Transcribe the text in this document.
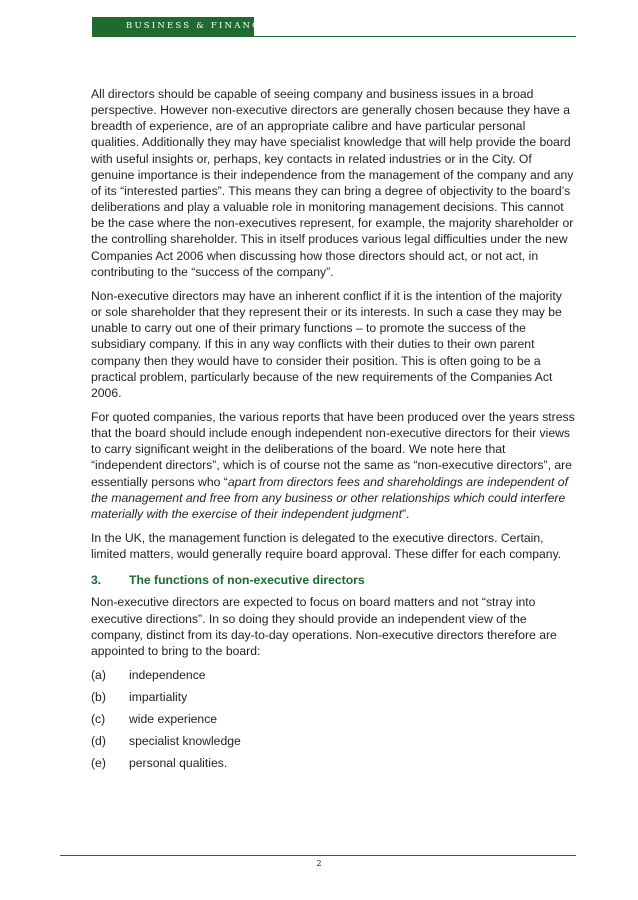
BUSINESS & FINANCE

All directors should be capable of seeing company and business issues in a broad perspective. However non-executive directors are generally chosen because they have a breadth of experience, are of an appropriate calibre and have particular personal qualities. Additionally they may have specialist knowledge that will help provide the board with useful insights or, perhaps, key contacts in related industries or in the City. Of genuine importance is their independence from the management of the company and any of its “interested parties”. This means they can bring a degree of objectivity to the board’s deliberations and play a valuable role in monitoring management decisions. This cannot be the case where the non-executives represent, for example, the majority shareholder or the controlling shareholder. This in itself produces various legal difficulties under the new Companies Act 2006 when discussing how those directors should act, or not act, in contributing to the “success of the company”.

Non-executive directors may have an inherent conflict if it is the intention of the majority or sole shareholder that they represent their or its interests. In such a case they may be unable to carry out one of their primary functions – to promote the success of the subsidiary company. If this in any way conflicts with their duties to their own parent company then they would have to consider their position. This is often going to be a practical problem, particularly because of the new requirements of the Companies Act 2006.

For quoted companies, the various reports that have been produced over the years stress that the board should include enough independent non-executive directors for their views to carry significant weight in the deliberations of the board. We note here that “independent directors”, which is of course not the same as “non-executive directors”, are essentially persons who “apart from directors fees and shareholdings are independent of the management and free from any business or other relationships which could interfere materially with the exercise of their independent judgment”.

In the UK, the management function is delegated to the executive directors. Certain, limited matters, would generally require board approval. These differ for each company.

3. The functions of non-executive directors

Non-executive directors are expected to focus on board matters and not “stray into executive directions”. In so doing they should provide an independent view of the company, distinct from its day-to-day operations. Non-executive directors therefore are appointed to bring to the board:

(a)	independence
(b)	impartiality
(c)	wide experience
(d)	specialist knowledge
(e)	personal qualities.
2
